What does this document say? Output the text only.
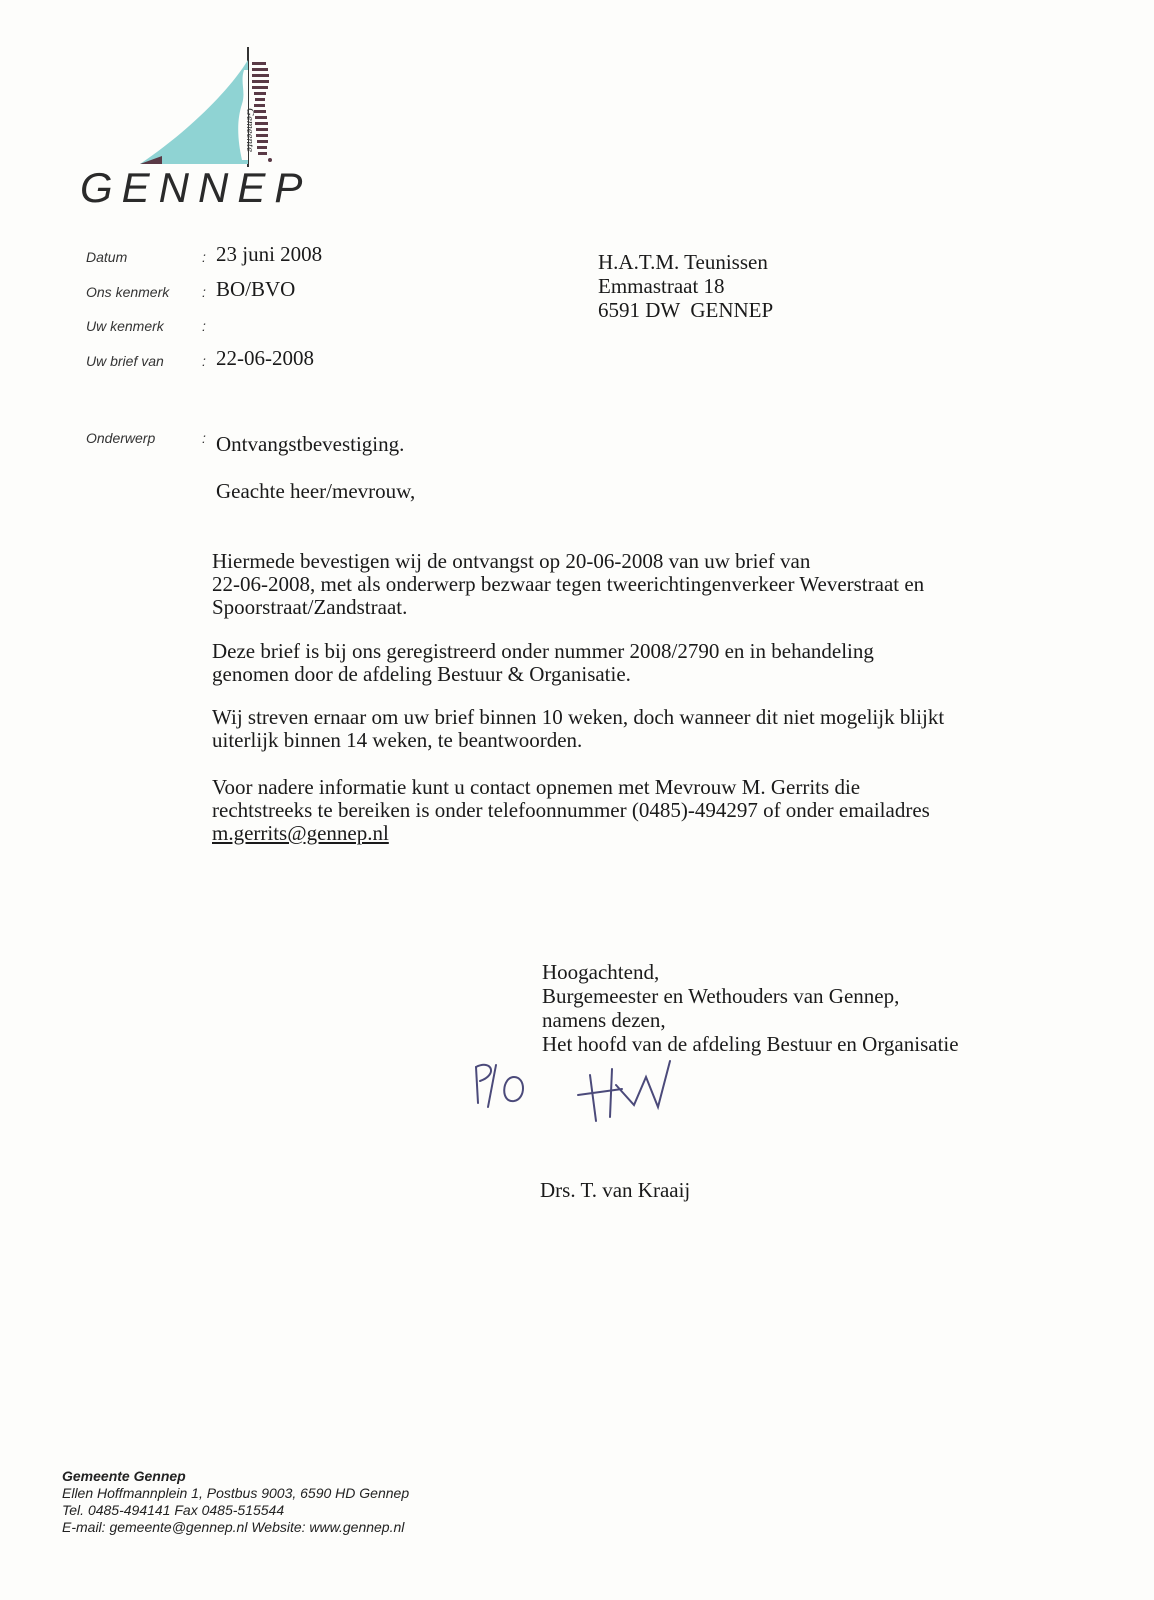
Gemeente
GENNEP
Datum	: 23 juni 2008
Ons kenmerk	: BO/BVO
Uw kenmerk	:
Uw brief van	: 22-06-2008
H.A.T.M. Teunissen
Emmastraat 18
6591 DW  GENNEP
Onderwerp	: Ontvangstbevestiging.
Geachte heer/mevrouw,

Hiermede bevestigen wij de ontvangst op 20-06-2008 van uw brief van

22-06-2008, met als onderwerp bezwaar tegen tweerichtingenverkeer Weverstraat en

Spoorstraat/Zandstraat.

Deze brief is bij ons geregistreerd onder nummer 2008/2790 en in behandeling

genomen door de afdeling Bestuur & Organisatie.

Wij streven ernaar om uw brief binnen 10 weken, doch wanneer dit niet mogelijk blijkt

uiterlijk binnen 14 weken, te beantwoorden.

Voor nadere informatie kunt u contact opnemen met Mevrouw M. Gerrits die

rechtstreeks te bereiken is onder telefoonnummer (0485)-494297 of onder emailadres

m.gerrits@gennep.nl

Hoogachtend,
Burgemeester en Wethouders van Gennep,
namens dezen,
Het hoofd van de afdeling Bestuur en Organisatie
Drs. T. van Kraaij
Gemeente Gennep
Ellen Hoffmannplein 1, Postbus 9003, 6590 HD Gennep
Tel. 0485-494141 Fax 0485-515544
E-mail: gemeente@gennep.nl Website: www.gennep.nl
